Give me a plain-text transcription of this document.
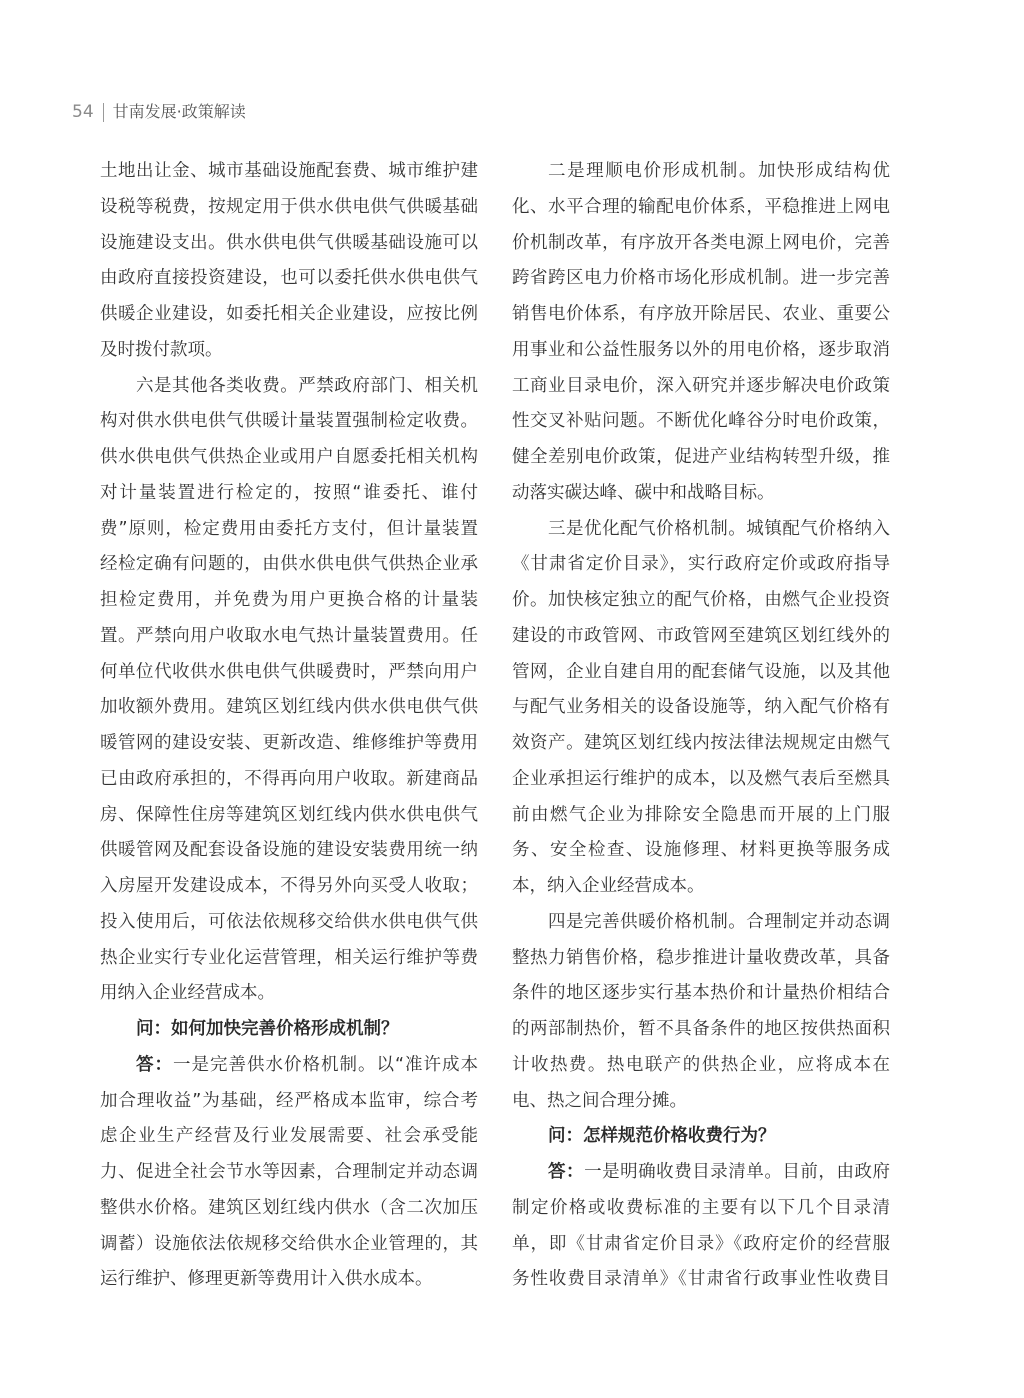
54 甘南发展·政策解读
土地出让金、城市基础设施配套费、城市维护建
设税等税费，按规定用于供水供电供气供暖基础
设施建设支出。供水供电供气供暖基础设施可以
由政府直接投资建设，也可以委托供水供电供气
供暖企业建设，如委托相关企业建设，应按比例
及时拨付款项。
六是其他各类收费。严禁政府部门、相关机
构对供水供电供气供暖计量装置强制检定收费。
供水供电供气供热企业或用户自愿委托相关机构
对计量装置进行检定的，按照“谁委托、谁付
费”原则，检定费用由委托方支付，但计量装置
经检定确有问题的，由供水供电供气供热企业承
担检定费用，并免费为用户更换合格的计量装
置。严禁向用户收取水电气热计量装置费用。任
何单位代收供水供电供气供暖费时，严禁向用户
加收额外费用。建筑区划红线内供水供电供气供
暖管网的建设安装、更新改造、维修维护等费用
已由政府承担的，不得再向用户收取。新建商品
房、保障性住房等建筑区划红线内供水供电供气
供暖管网及配套设备设施的建设安装费用统一纳
入房屋开发建设成本，不得另外向买受人收取；
投入使用后，可依法依规移交给供水供电供气供
热企业实行专业化运营管理，相关运行维护等费
用纳入企业经营成本。
问：如何加快完善价格形成机制？
答：一是完善供水价格机制。以“准许成本
加合理收益”为基础，经严格成本监审，综合考
虑企业生产经营及行业发展需要、社会承受能
力、促进全社会节水等因素，合理制定并动态调
整供水价格。建筑区划红线内供水（含二次加压
调蓄）设施依法依规移交给供水企业管理的，其
运行维护、修理更新等费用计入供水成本。
二是理顺电价形成机制。加快形成结构优
化、水平合理的输配电价体系，平稳推进上网电
价机制改革，有序放开各类电源上网电价，完善
跨省跨区电力价格市场化形成机制。进一步完善
销售电价体系，有序放开除居民、农业、重要公
用事业和公益性服务以外的用电价格，逐步取消
工商业目录电价，深入研究并逐步解决电价政策
性交叉补贴问题。不断优化峰谷分时电价政策，
健全差别电价政策，促进产业结构转型升级，推
动落实碳达峰、碳中和战略目标。
三是优化配气价格机制。城镇配气价格纳入
《甘肃省定价目录》，实行政府定价或政府指导
价。加快核定独立的配气价格，由燃气企业投资
建设的市政管网、市政管网至建筑区划红线外的
管网，企业自建自用的配套储气设施，以及其他
与配气业务相关的设备设施等，纳入配气价格有
效资产。建筑区划红线内按法律法规规定由燃气
企业承担运行维护的成本，以及燃气表后至燃具
前由燃气企业为排除安全隐患而开展的上门服
务、安全检查、设施修理、材料更换等服务成
本，纳入企业经营成本。
四是完善供暖价格机制。合理制定并动态调
整热力销售价格，稳步推进计量收费改革，具备
条件的地区逐步实行基本热价和计量热价相结合
的两部制热价，暂不具备条件的地区按供热面积
计收热费。热电联产的供热企业，应将成本在
电、热之间合理分摊。
问：怎样规范价格收费行为？
答：一是明确收费目录清单。目前，由政府
制定价格或收费标准的主要有以下几个目录清
单，即《甘肃省定价目录》《政府定价的经营服
务性收费目录清单》《甘肃省行政事业性收费目
